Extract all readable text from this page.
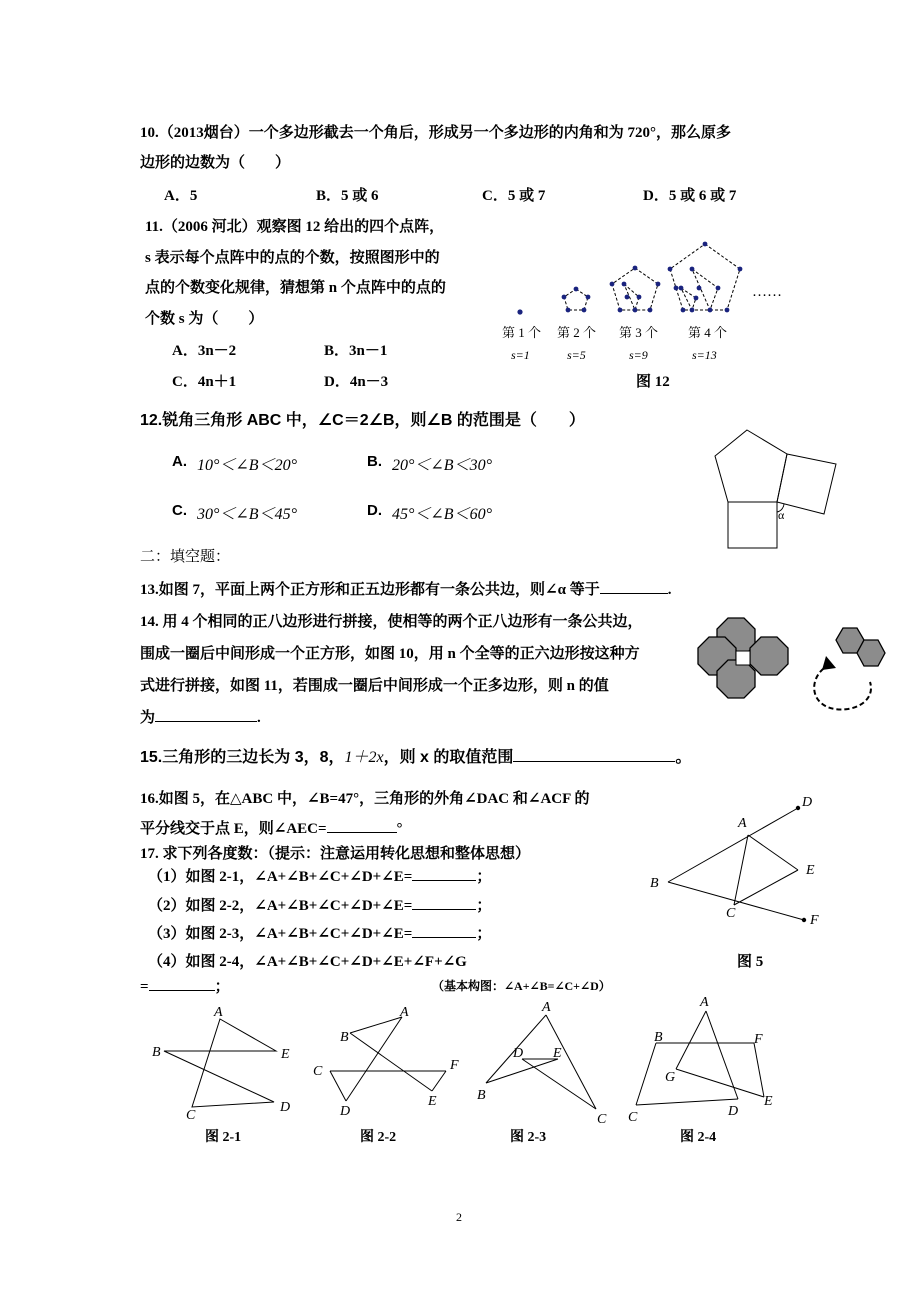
10.（2013烟台）一个多边形截去一个角后，形成另一个多边形的内角和为 720°，那么原多
边形的边数为（　　）
A．5	B．5 或 6	C．5 或 7	D．5 或 6 或 7
11.（2006 河北）观察图 12 给出的四个点阵，
s 表示每个点阵中的点的个数，按照图形中的
点的个数变化规律，猜想第 n 个点阵中的点的
个数 s 为（　　）
A．3n－2	B．3n－1
C．4n＋1	D．4n－3
……
第 1 个 第 2 个 第 3 个 第 4 个
s=1	s=5	s=9	s=13
图 12
12.锐角三角形 ABC 中，∠C＝2∠B，则∠B 的范围是（　　）
A. 10°＜∠B＜20°	B. 20°＜∠B＜30°
C. 30°＜∠B＜45°	D. 45°＜∠B＜60°	α
二：填空题：
13.如图 7，平面上两个正方形和正五边形都有一条公共边，则∠α 等于	.
14. 用 4 个相同的正八边形进行拼接，使相等的两个正八边形有一条公共边，
围成一圈后中间形成一个正方形，如图 10，用 n 个全等的正六边形按这种方
式进行拼接，如图 11，若围成一圈后中间形成一个正多边形，则 n 的值
为	.
15.三角形的三边长为 3，8，1＋2x，则 x 的取值范围	。
16.如图 5，在△ABC 中，∠B=47°，三角形的外角∠DAC 和∠ACF 的
平分线交于点 E，则∠AEC=	°	A
B
C
D
E
F
图 5
17. 求下列各度数：（提示：注意运用转化思想和整体思想）
（1）如图 2-1，∠A+∠B+∠C+∠D+∠E=	；
（2）如图 2-2，∠A+∠B+∠C+∠D+∠E=	；
（3）如图 2-3，∠A+∠B+∠C+∠D+∠E=	；
（4）如图 2-4，∠A+∠B+∠C+∠D+∠E+∠F+∠G
=	；	（基本构图：∠A+∠B=∠C+∠D）
A
B
C
D
E
图 2-1
A
B
C
D
E
F
图 2-2
A
D E
B
C
图 2-3
A
B	F
G
C	D
E
图 2-4
2
